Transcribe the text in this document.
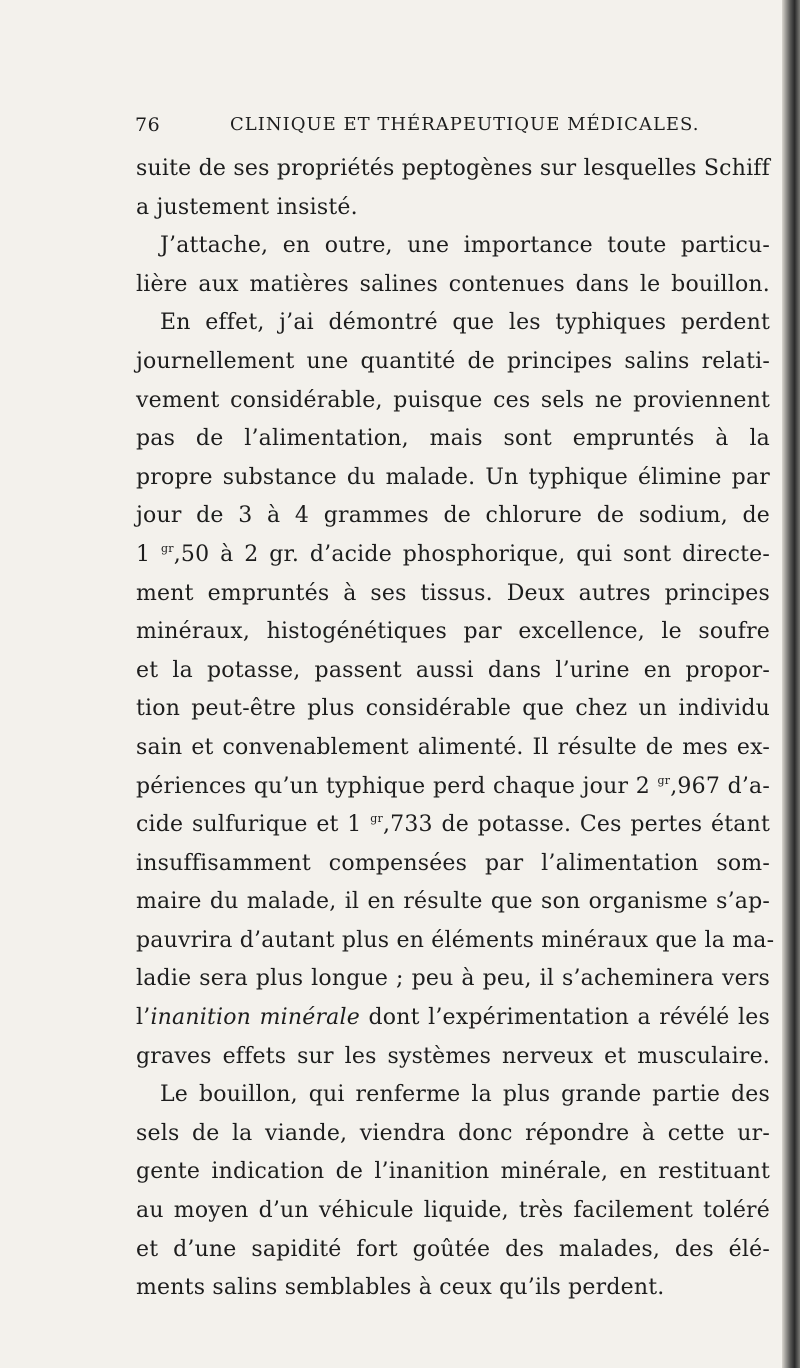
76	CLINIQUE ET THÉRAPEUTIQUE MÉDICALES.
suite de ses propriétés peptogènes sur lesquelles Schiff
a justement insisté.
J’attache, en outre, une importance toute particu-
lière aux matières salines contenues dans le bouillon.
En effet, j’ai démontré que les typhiques perdent
journellement une quantité de principes salins relati-
vement considérable, puisque ces sels ne proviennent
pas de l’alimentation, mais sont empruntés à la
propre substance du malade. Un typhique élimine par
jour de 3 à 4 grammes de chlorure de sodium, de
1 $^{gr}$,50 à 2 gr. d’acide phosphorique, qui sont directe-
ment empruntés à ses tissus. Deux autres principes
minéraux, histogénétiques par excellence, le soufre
et la potasse, passent aussi dans l’urine en propor-
tion peut-être plus considérable que chez un individu
sain et convenablement alimenté. Il résulte de mes ex-
périences qu’un typhique perd chaque jour 2 $^{gr}$,967 d’a-
cide sulfurique et 1 $^{gr}$,733 de potasse. Ces pertes étant
insuffisamment compensées par l’alimentation som-
maire du malade, il en résulte que son organisme s’ap-
pauvrira d’autant plus en éléments minéraux que la ma-
ladie sera plus longue ; peu à peu, il s’acheminera vers
l’inanition minérale dont l’expérimentation a révélé les
graves effets sur les systèmes nerveux et musculaire.
Le bouillon, qui renferme la plus grande partie des
sels de la viande, viendra donc répondre à cette ur-
gente indication de l’inanition minérale, en restituant
au moyen d’un véhicule liquide, très facilement toléré
et d’une sapidité fort goûtée des malades, des élé-
ments salins semblables à ceux qu’ils perdent.
